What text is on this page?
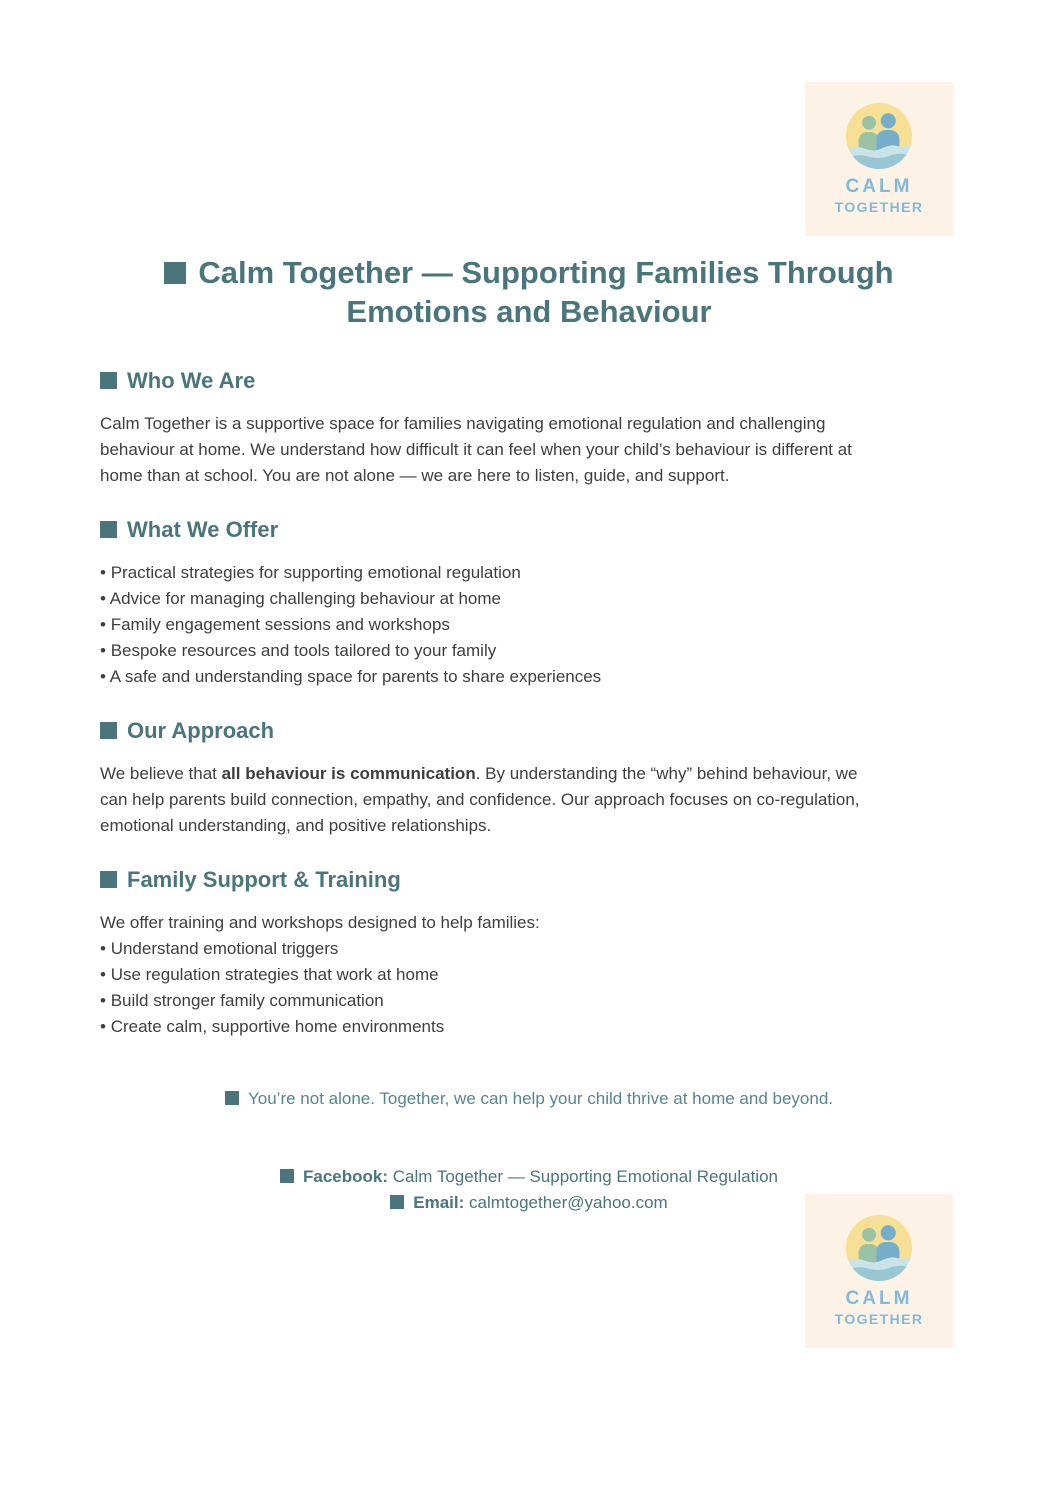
CALM
TOGETHER
Calm Together — Supporting Families Through
Emotions and Behaviour
Who We Are

Calm Together is a supportive space for families navigating emotional regulation and challenging
behaviour at home. We understand how difficult it can feel when your child’s behaviour is different at
home than at school. You are not alone — we are here to listen, guide, and support.

What We Offer
• Practical strategies for supporting emotional regulation
• Advice for managing challenging behaviour at home
• Family engagement sessions and workshops
• Bespoke resources and tools tailored to your family
• A safe and understanding space for parents to share experiences
Our Approach

We believe that all behaviour is communication. By understanding the “why” behind behaviour, we
can help parents build connection, empathy, and confidence. Our approach focuses on co-regulation,
emotional understanding, and positive relationships.

Family Support & Training

We offer training and workshops designed to help families:

• Understand emotional triggers
• Use regulation strategies that work at home
• Build stronger family communication
• Create calm, supportive home environments
You’re not alone. Together, we can help your child thrive at home and beyond.
Facebook: Calm Together — Supporting Emotional Regulation
Email: calmtogether@yahoo.com
CALM
TOGETHER
